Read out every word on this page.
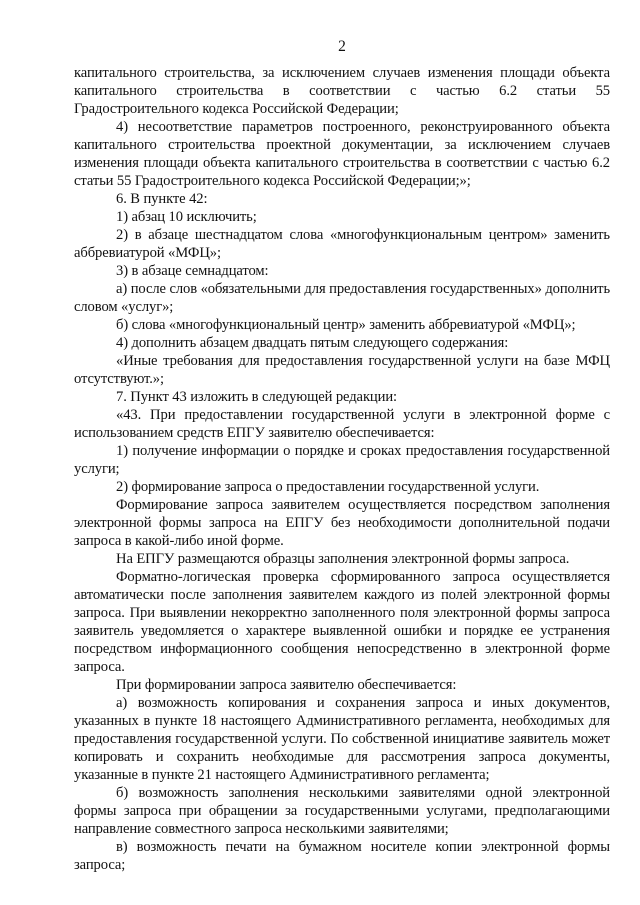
2

капитального строительства, за исключением случаев изменения площади объекта капитального строительства в соответствии с частью 6.2 статьи 55 Градостроительного кодекса Российской Федерации;

4) несоответствие параметров построенного, реконструированного объекта капитального строительства проектной документации, за исключением случаев изменения площади объекта капитального строительства в соответствии с частью 6.2 статьи 55 Градостроительного кодекса Российской Федерации;»;

6. В пункте 42:

1) абзац 10 исключить;

2) в абзаце шестнадцатом слова «многофункциональным центром» заменить аббревиатурой «МФЦ»;

3) в абзаце семнадцатом:

а) после слов «обязательными для предоставления государственных» дополнить словом «услуг»;

б) слова «многофункциональный центр» заменить аббревиатурой «МФЦ»;

4) дополнить абзацем двадцать пятым следующего содержания:

«Иные требования для предоставления государственной услуги на базе МФЦ отсутствуют.»;

7. Пункт 43 изложить в следующей редакции:

«43. При предоставлении государственной услуги в электронной форме с использованием средств ЕПГУ заявителю обеспечивается:

1) получение информации о порядке и сроках предоставления государственной услуги;

2) формирование запроса о предоставлении государственной услуги.

Формирование запроса заявителем осуществляется посредством заполнения электронной формы запроса на ЕПГУ без необходимости дополнительной подачи запроса в какой-либо иной форме.

На ЕПГУ размещаются образцы заполнения электронной формы запроса.

Форматно-логическая проверка сформированного запроса осуществляется автоматически после заполнения заявителем каждого из полей электронной формы запроса. При выявлении некорректно заполненного поля электронной формы запроса заявитель уведомляется о характере выявленной ошибки и порядке ее устранения посредством информационного сообщения непосредственно в электронной форме запроса.

При формировании запроса заявителю обеспечивается:

а) возможность копирования и сохранения запроса и иных документов, указанных в пункте 18 настоящего Административного регламента, необходимых для предоставления государственной услуги. По собственной инициативе заявитель может копировать и сохранить необходимые для рассмотрения запроса документы, указанные в пункте 21 настоящего Административного регламента;

б) возможность заполнения несколькими заявителями одной электронной формы запроса при обращении за государственными услугами, предполагающими направление совместного запроса несколькими заявителями;

в) возможность печати на бумажном носителе копии электронной формы запроса;
